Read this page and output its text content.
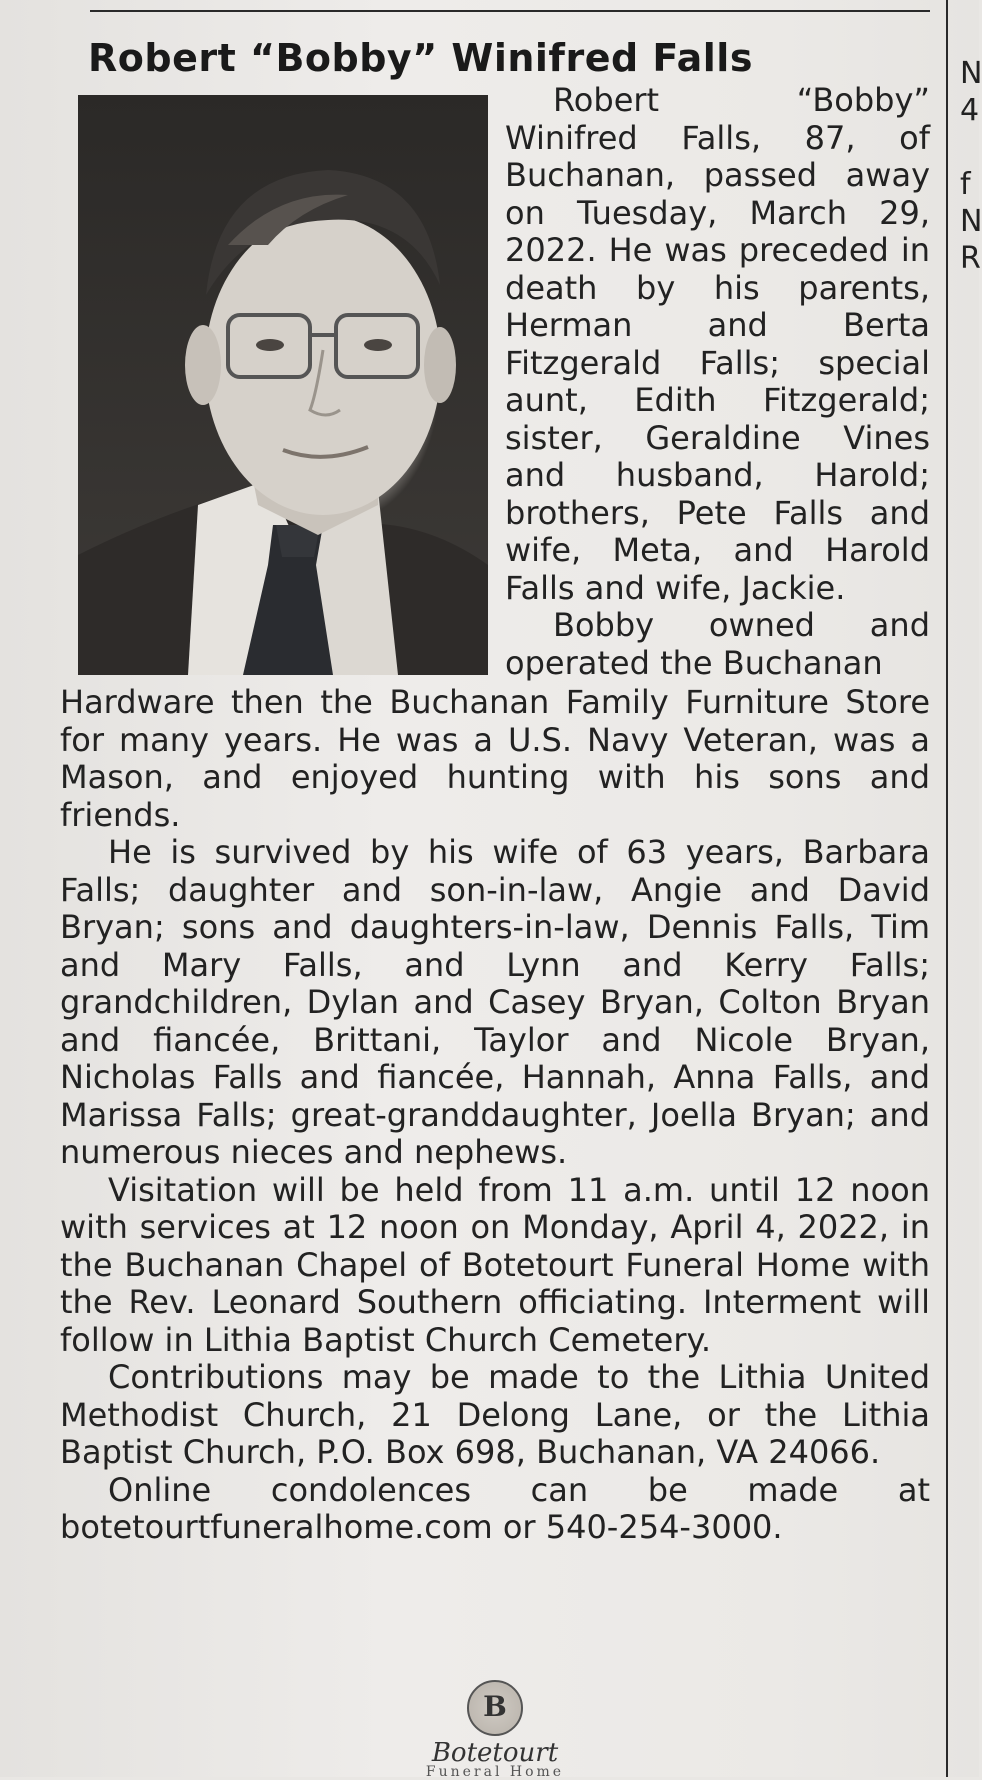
Robert “Bobby” Winifred Falls

Robert “Bobby” Winifred Falls, 87, of Buchanan, passed away on Tuesday, March 29, 2022. He was preceded in death by his parents, Herman and Berta Fitzgerald Falls; special aunt, Edith Fitzgerald; sister, Geraldine Vines and husband, Harold; brothers, Pete Falls and wife, Meta, and Harold Falls and wife, Jackie.

Bobby owned and operated the Buchanan

Hardware then the Buchanan Family Furniture Store for many years. He was a U.S. Navy Veteran, was a Mason, and enjoyed hunting with his sons and friends.

He is survived by his wife of 63 years, Barbara Falls; daughter and son-in-law, Angie and David Bryan; sons and daughters-in-law, Dennis Falls, Tim and Mary Falls, and Lynn and Kerry Falls; grandchildren, Dylan and Casey Bryan, Colton Bryan and fiancée, Brittani, Taylor and Nicole Bryan, Nicholas Falls and fiancée, Hannah, Anna Falls, and Marissa Falls; great-granddaughter, Joella Bryan; and numerous nieces and nephews.

Visitation will be held from 11 a.m. until 12 noon with services at 12 noon on Monday, April 4, 2022, in the Buchanan Chapel of Botetourt Funeral Home with the Rev. Leonard Southern officiating. Interment will follow in Lithia Baptist Church Cemetery.

Contributions may be made to the Lithia United Methodist Church, 21 Delong Lane, or the Lithia Baptist Church, P.O. Box 698, Buchanan, VA 24066.

Online condolences can be made at botetourtfuneralhome.com or 540-254-3000.

N
4

f
N
R
B
Botetourt
Funeral Home
